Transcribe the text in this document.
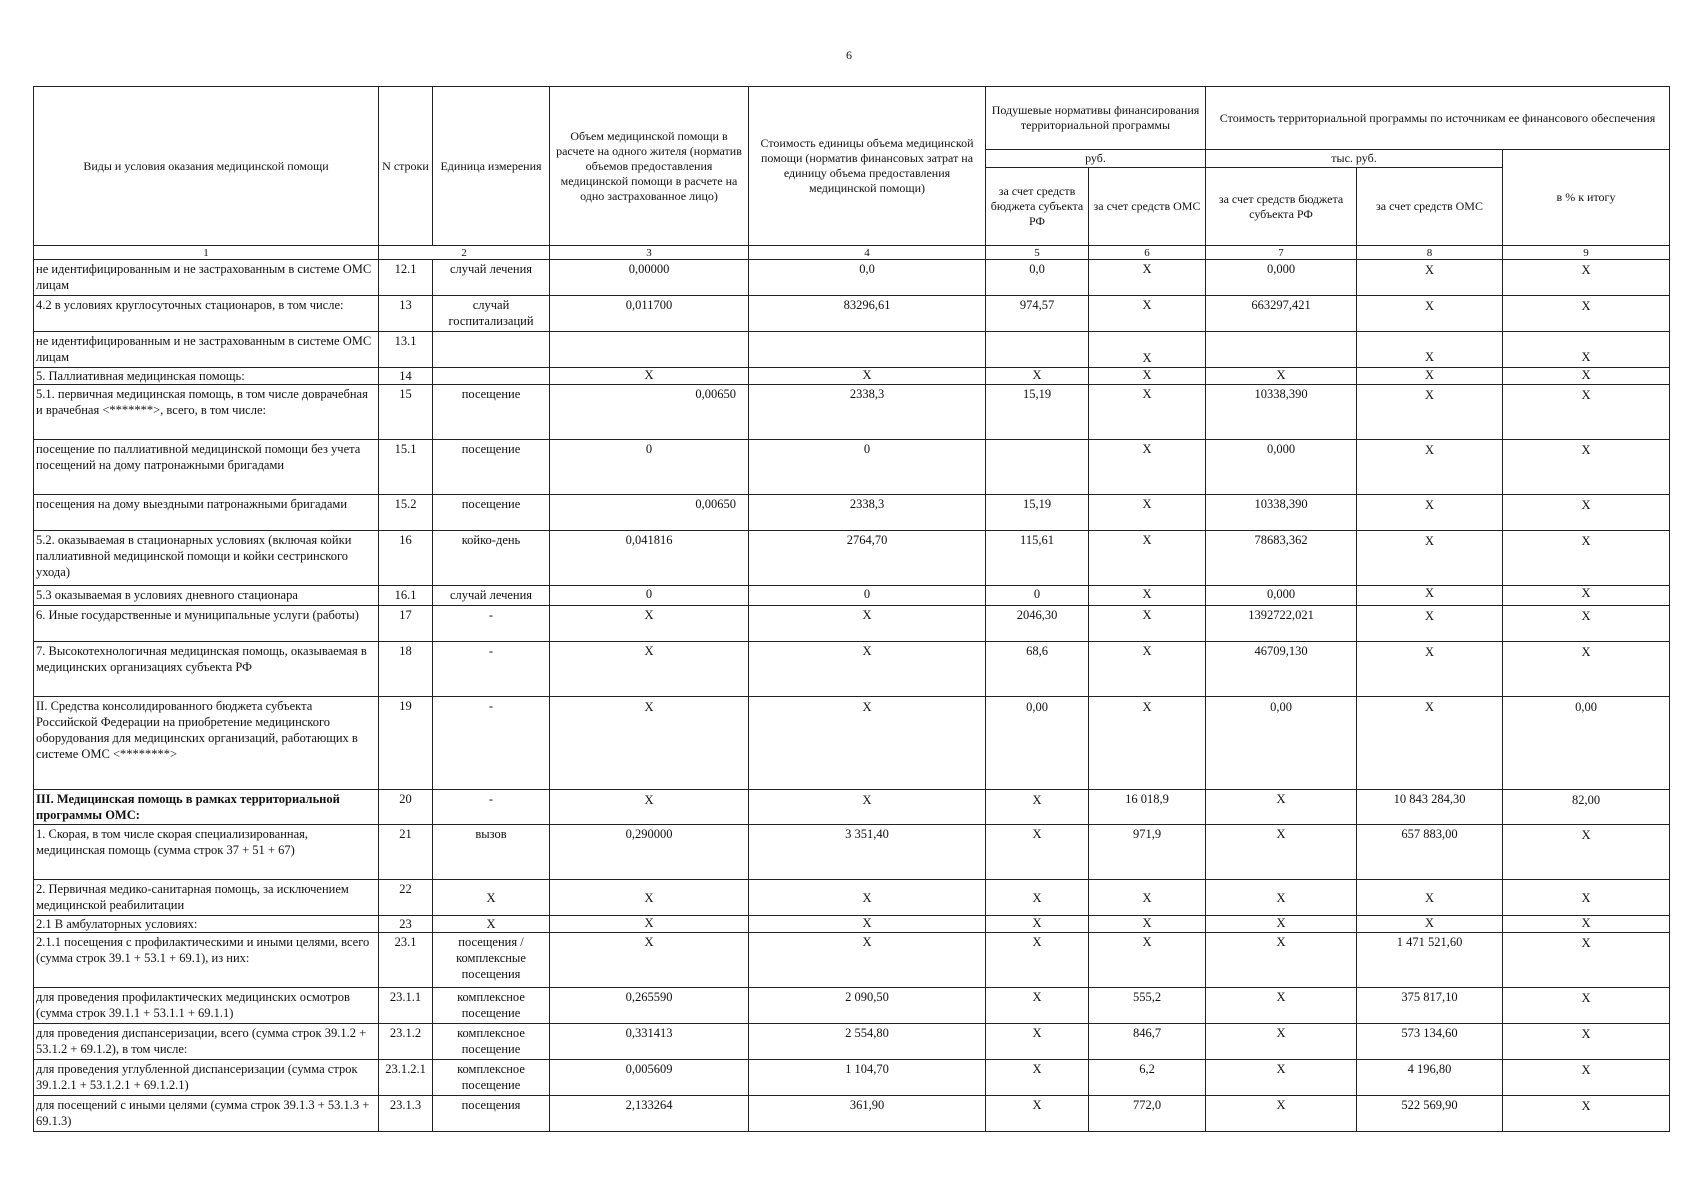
6
Виды и условия оказания медицинской помощи	N строки	Единица измерения	Объем медицинской помощи в расчете на одного жителя (норматив объемов предоставления медицинской помощи в расчете на одно застрахованное лицо)	Стоимость единицы объема медицинской помощи (норматив финансовых затрат на единицу объема предоставления медицинской помощи)	Подушевые нормативы финансирования территориальной программы		Стоимость территориальной программы по источникам ее финансового обеспечения		
					руб.		тыс. руб.		в % к итогу
					за счет средств бюджета субъекта РФ	за счет средств ОМС	за счет средств бюджета субъекта РФ	за счет средств ОМС	
1	2		3	4	5	6	7	8	9
не идентифицированным и не застрахованным в системе ОМС лицам	12.1	случай лечения	0,00000	0,0	0,0	X	0,000	X	X
4.2 в условиях круглосуточных стационаров, в том числе:	13	случай госпитализаций	0,011700	83296,61	974,57	X	663297,421	X	X
не идентифицированным и не застрахованным в системе ОМС лицам	13.1					X		X	X
5. Паллиативная медицинская помощь:	14		X	X	X	X	X	X	X
5.1. первичная медицинская помощь, в том числе доврачебная и врачебная <*******>, всего, в том числе:	15	посещение	0,00650	2338,3	15,19	X	10338,390	X	X
посещение по паллиативной медицинской помощи без учета посещений на дому патронажными бригадами	15.1	посещение	0	0		X	0,000	X	X
посещения на дому выездными патронажными бригадами	15.2	посещение	0,00650	2338,3	15,19	X	10338,390	X	X
5.2. оказываемая в стационарных условиях (включая койки паллиативной медицинской помощи и койки сестринского ухода)	16	койко-день	0,041816	2764,70	115,61	X	78683,362	X	X
5.3 оказываемая в условиях дневного стационара	16.1	случай лечения	0	0	0	X	0,000	X	X
6. Иные государственные и муниципальные услуги (работы)	17	-	X	X	2046,30	X	1392722,021	X	X
7. Высокотехнологичная медицинская помощь, оказываемая в медицинских организациях субъекта РФ	18	-	X	X	68,6	X	46709,130	X	X
II. Средства консолидированного бюджета субъекта Российской Федерации на приобретение медицинского оборудования для медицинских организаций, работающих в системе ОМС <********>	19	-	X	X	0,00	X	0,00	X	0,00
III. Медицинская помощь в рамках территориальной программы ОМС:	20	-	X	X	X	16 018,9	X	10 843 284,30	82,00
1. Скорая, в том числе скорая специализированная, медицинская помощь (сумма строк 37 + 51 + 67)	21	вызов	0,290000	3 351,40	X	971,9	X	657 883,00	X
2. Первичная медико-санитарная помощь, за исключением медицинской реабилитации	22	X	X	X	X	X	X	X	X
2.1 В амбулаторных условиях:	23	X	X	X	X	X	X	X	X
2.1.1 посещения с профилактическими и иными целями, всего (сумма строк 39.1 + 53.1 + 69.1), из них:	23.1	посещения / комплексные посещения	X	X	X	X	X	1 471 521,60	X
для проведения профилактических медицинских осмотров (сумма строк 39.1.1 + 53.1.1 + 69.1.1)	23.1.1	комплексное посещение	0,265590	2 090,50	X	555,2	X	375 817,10	X
для проведения диспансеризации, всего (сумма строк 39.1.2 + 53.1.2 + 69.1.2), в том числе:	23.1.2	комплексное посещение	0,331413	2 554,80	X	846,7	X	573 134,60	X
для проведения углубленной диспансеризации (сумма строк 39.1.2.1 + 53.1.2.1 + 69.1.2.1)	23.1.2.1	комплексное посещение	0,005609	1 104,70	X	6,2	X	4 196,80	X
для посещений с иными целями (сумма строк 39.1.3 + 53.1.3 + 69.1.3)	23.1.3	посещения	2,133264	361,90	X	772,0	X	522 569,90	X
